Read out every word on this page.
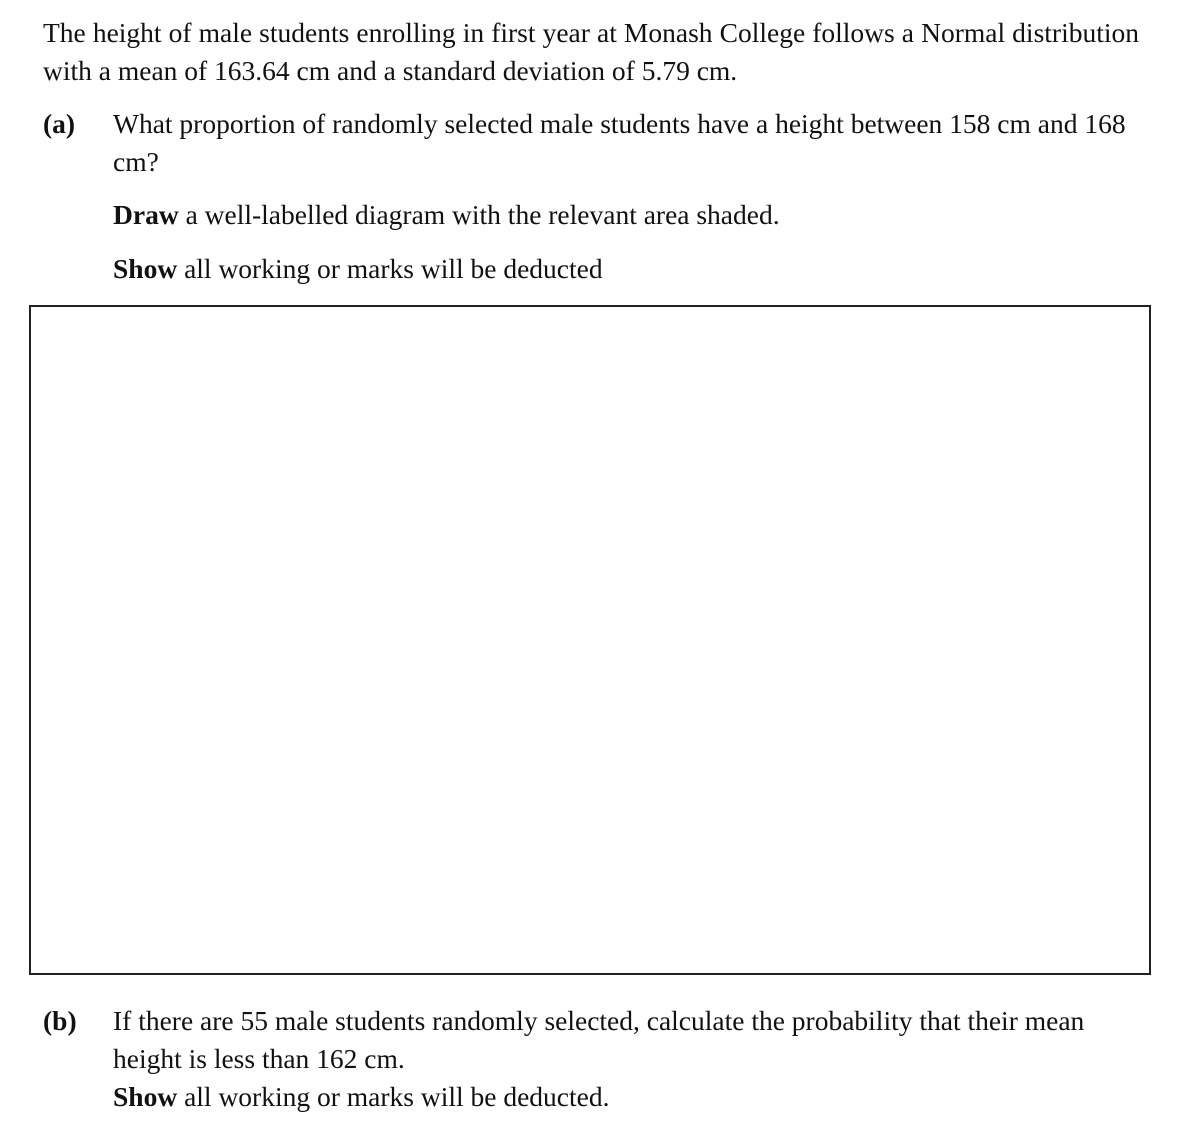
The height of male students enrolling in first year at Monash College follows a Normal distribution with a mean of 163.64 cm and a standard deviation of 5.79 cm.

(a) What proportion of randomly selected male students have a height between 158 cm and 168 cm?

Draw a well-labelled diagram with the relevant area shaded.

Show all working or marks will be deducted

(b) If there are 55 male students randomly selected, calculate the probability that their mean height is less than 162 cm.

Show all working or marks will be deducted.
